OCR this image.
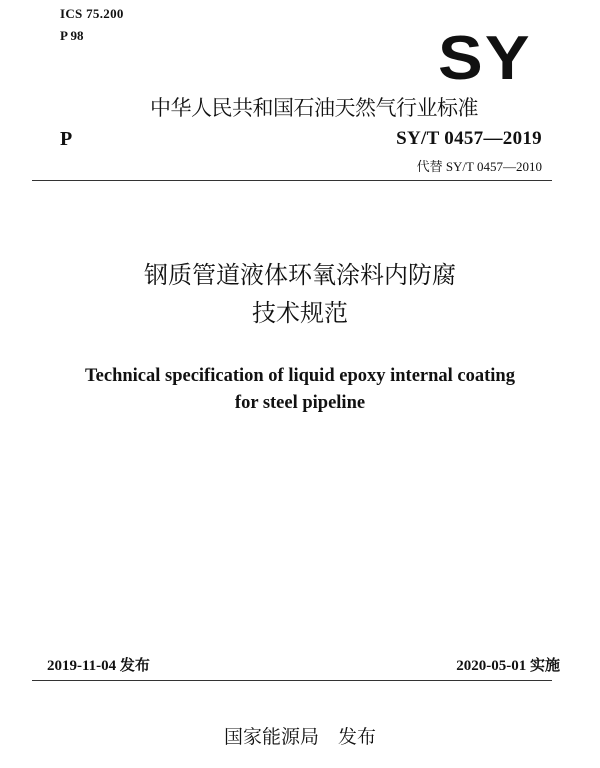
ICS 75.200
P 98	SY
中华人民共和国石油天然气行业标准
P	SY/T 0457—2019
代替 SY/T 0457—2010
钢质管道液体环氧涂料内防腐
技术规范
Technical specification of liquid epoxy internal coating
for steel pipeline
2019-11-04 发布	2020-05-01 实施
国家能源局　发布
